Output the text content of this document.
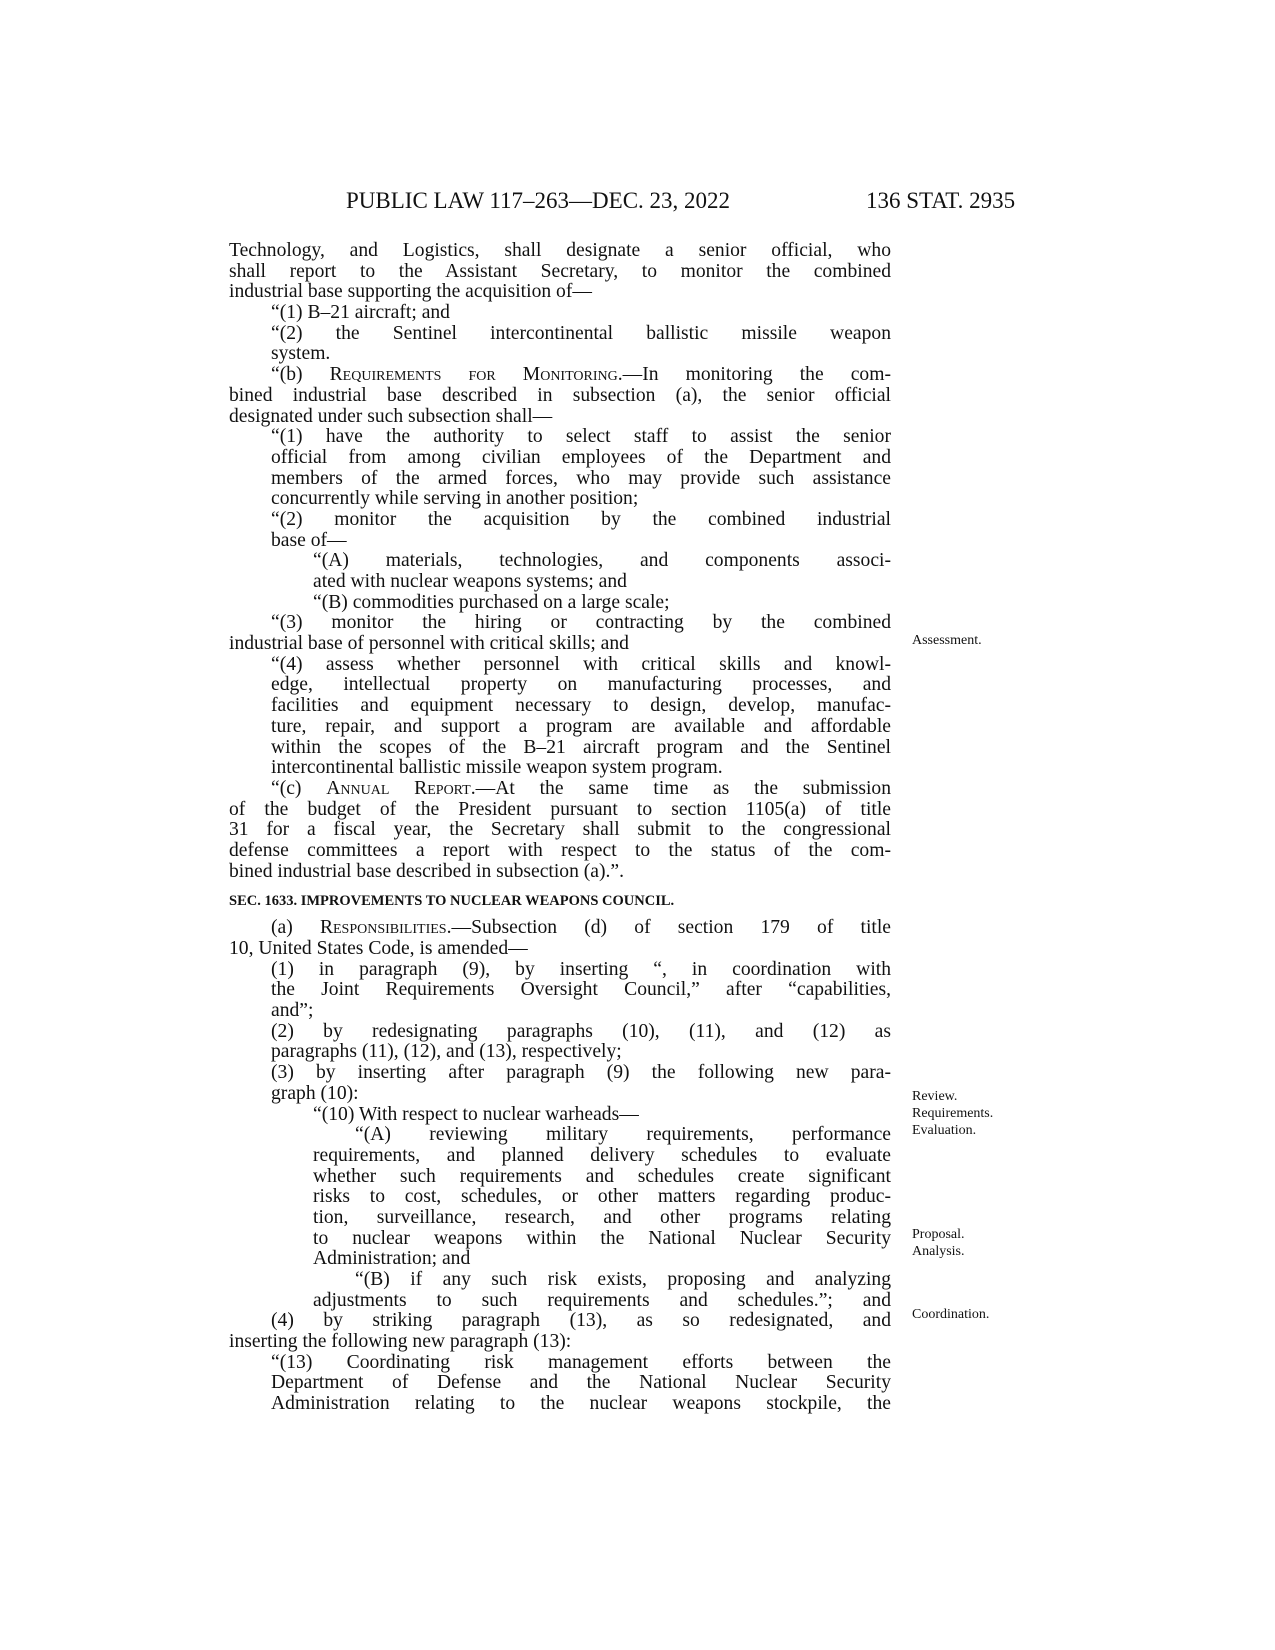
PUBLIC LAW 117–263—DEC. 23, 2022	136 STAT. 2935
Technology, and Logistics, shall designate a senior official, who
shall report to the Assistant Secretary, to monitor the combined
industrial base supporting the acquisition of—
“(1) B–21 aircraft; and
“(2) the Sentinel intercontinental ballistic missile weapon
system.
“(b) Requirements for Monitoring.—In monitoring the com-
bined industrial base described in subsection (a), the senior official
designated under such subsection shall—
“(1) have the authority to select staff to assist the senior
official from among civilian employees of the Department and
members of the armed forces, who may provide such assistance
concurrently while serving in another position;
“(2) monitor the acquisition by the combined industrial
base of—
“(A) materials, technologies, and components associ-
ated with nuclear weapons systems; and
“(B) commodities purchased on a large scale;
“(3) monitor the hiring or contracting by the combined
industrial base of personnel with critical skills; and
“(4) assess whether personnel with critical skills and knowl-
edge, intellectual property on manufacturing processes, and
facilities and equipment necessary to design, develop, manufac-
ture, repair, and support a program are available and affordable
within the scopes of the B–21 aircraft program and the Sentinel
intercontinental ballistic missile weapon system program.
“(c) Annual Report.—At the same time as the submission
of the budget of the President pursuant to section 1105(a) of title
31 for a fiscal year, the Secretary shall submit to the congressional
defense committees a report with respect to the status of the com-
bined industrial base described in subsection (a).”.
SEC. 1633. IMPROVEMENTS TO NUCLEAR WEAPONS COUNCIL.
(a) Responsibilities.—Subsection (d) of section 179 of title
10, United States Code, is amended—
(1) in paragraph (9), by inserting “, in coordination with
the Joint Requirements Oversight Council,” after “capabilities,
and”;
(2) by redesignating paragraphs (10), (11), and (12) as
paragraphs (11), (12), and (13), respectively;
(3) by inserting after paragraph (9) the following new para-
graph (10):
“(10) With respect to nuclear warheads—
“(A) reviewing military requirements, performance
requirements, and planned delivery schedules to evaluate
whether such requirements and schedules create significant
risks to cost, schedules, or other matters regarding produc-
tion, surveillance, research, and other programs relating
to nuclear weapons within the National Nuclear Security
Administration; and
“(B) if any such risk exists, proposing and analyzing
adjustments to such requirements and schedules.”; and
(4) by striking paragraph (13), as so redesignated, and
inserting the following new paragraph (13):
“(13) Coordinating risk management efforts between the
Department of Defense and the National Nuclear Security
Administration relating to the nuclear weapons stockpile, the
Assessment.
Review.
Requirements.
Evaluation.
Proposal.
Analysis.
Coordination.
